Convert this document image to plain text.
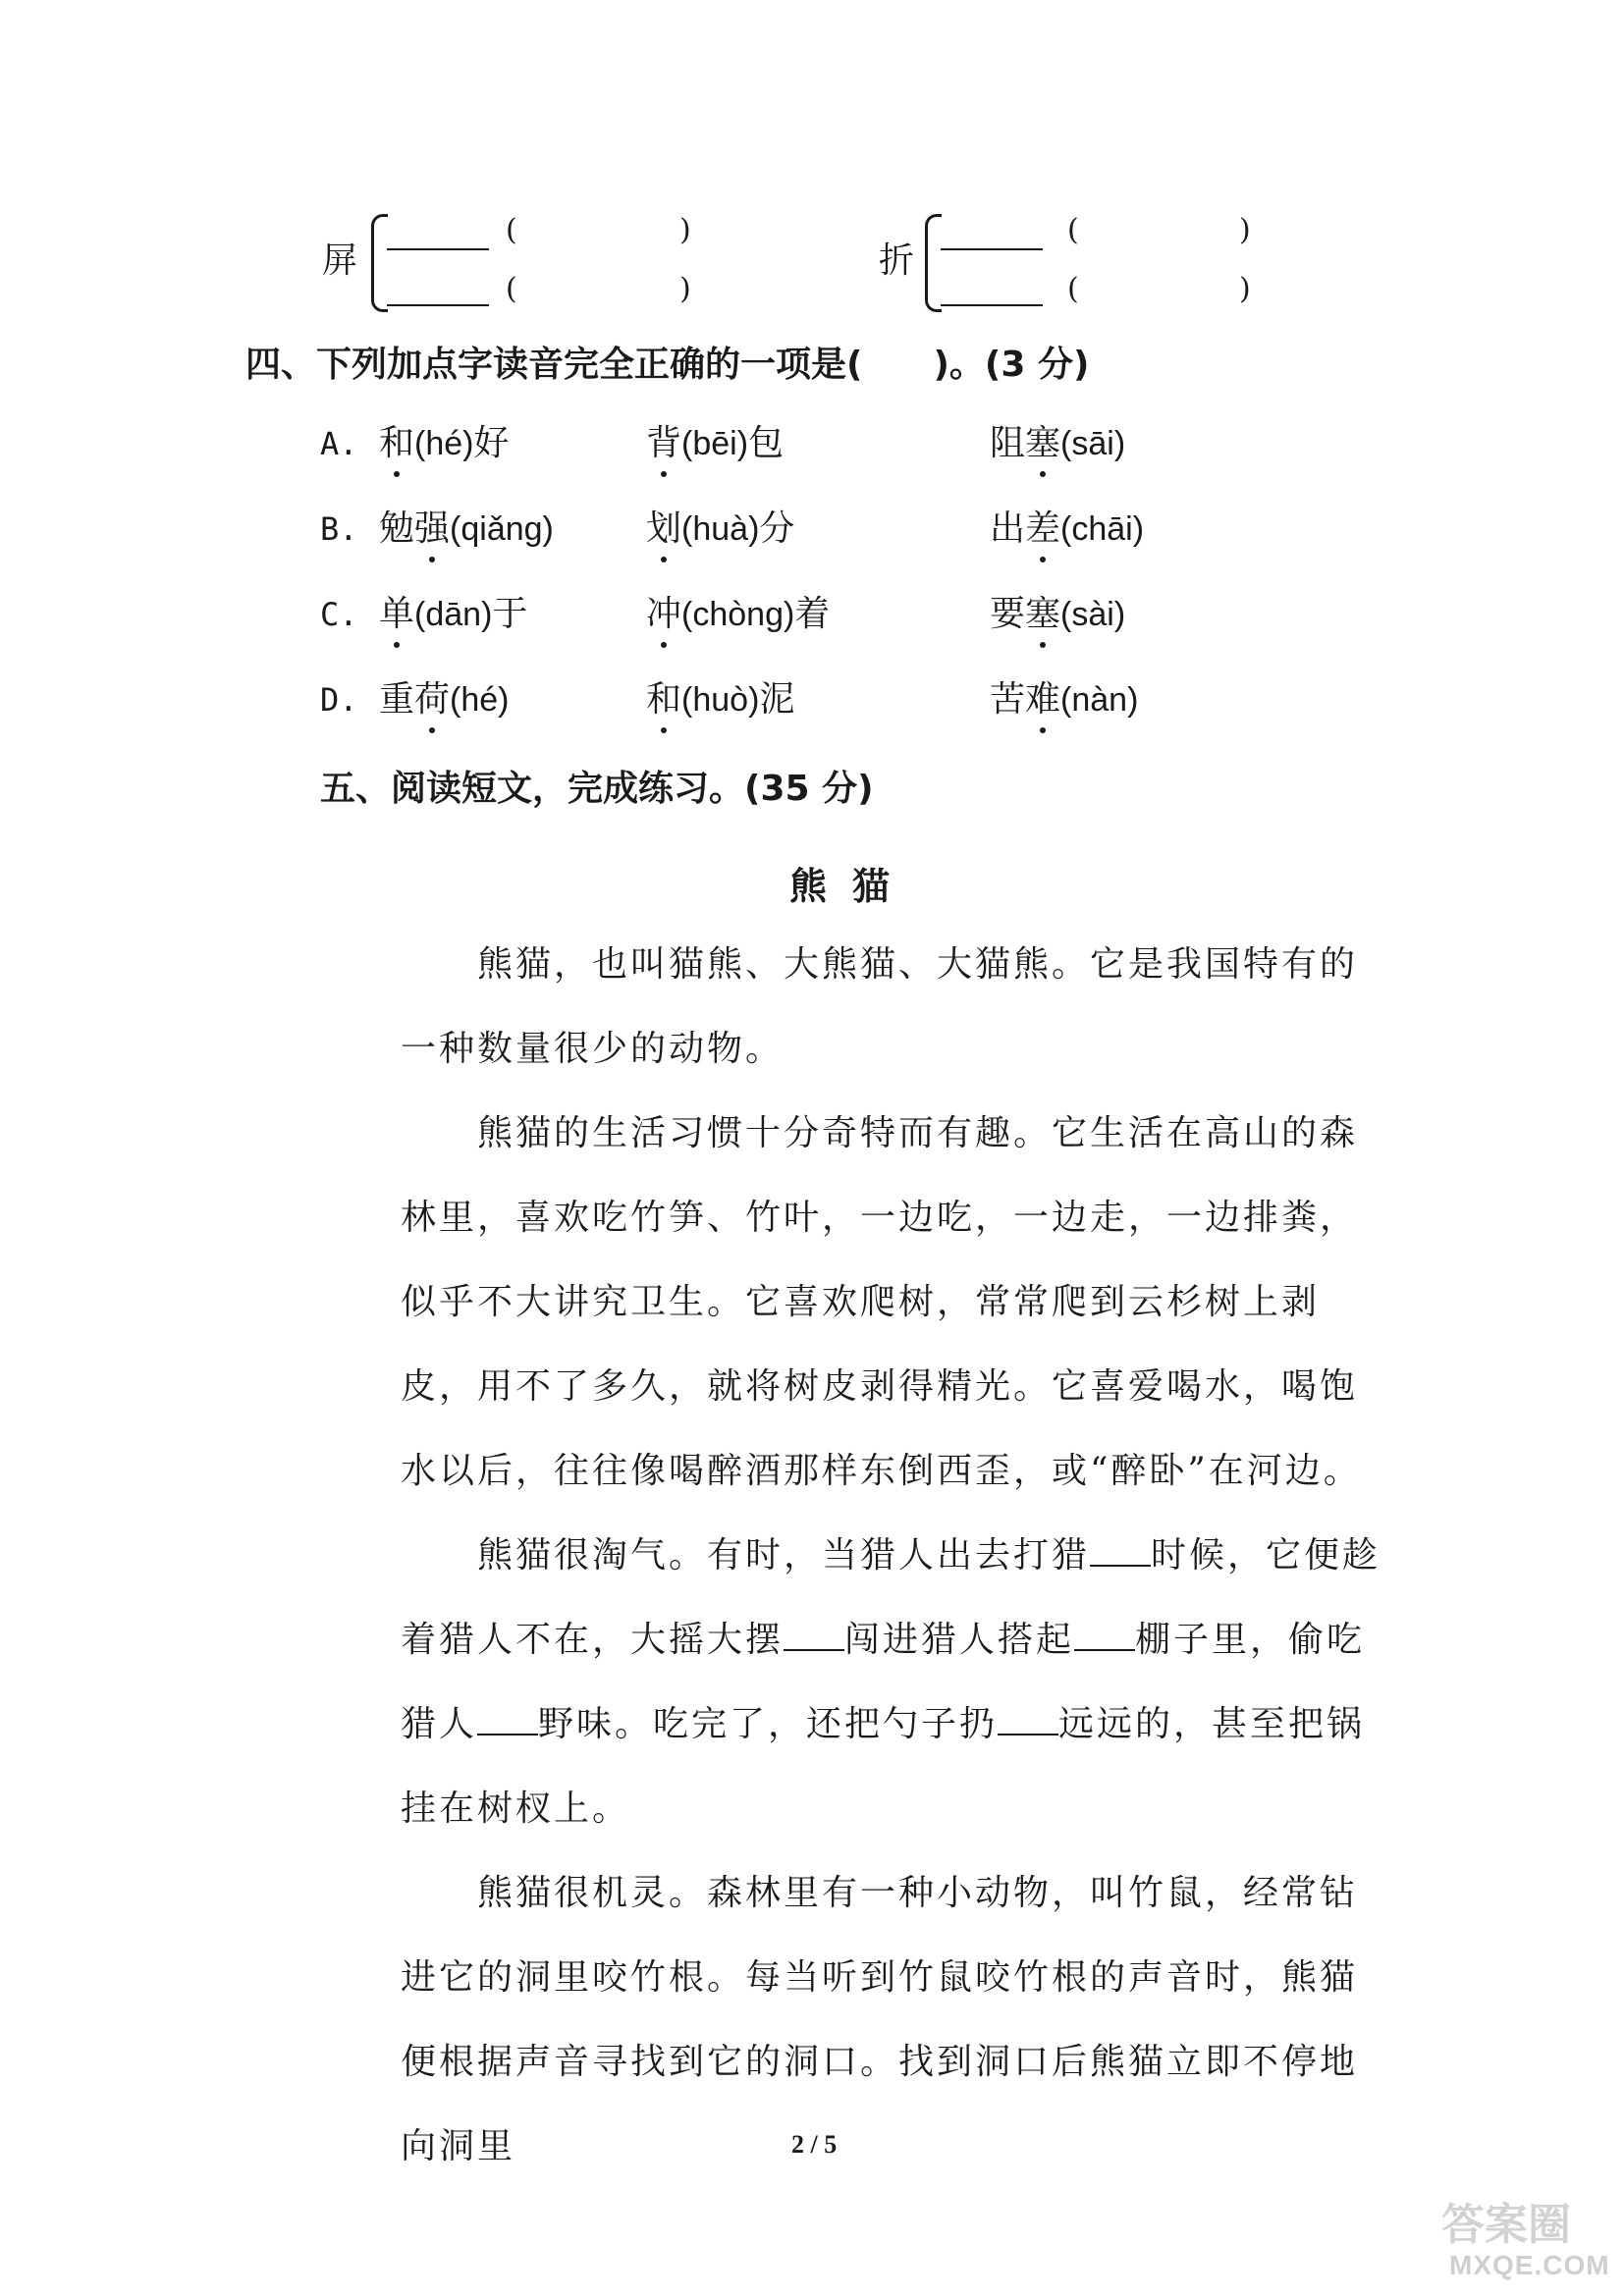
屏
(	)
(	)
折
(	)
(	)
四、下列加点字读音完全正确的一项是(　　)。(3 分)
A. 和(hé)好	背(bēi)包	阻塞(sāi)
B. 勉强(qiǎng)	划(huà)分	出差(chāi)
C. 单(dān)于	冲(chòng)着	要塞(sài)
D. 重荷(hé)	和(huò)泥	苦难(nàn)
五、阅读短文，完成练习。(35 分)
熊猫

熊猫，也叫猫熊、大熊猫、大猫熊。它是我国特有的一种数量很少的动物。

熊猫的生活习惯十分奇特而有趣。它生活在高山的森林里，喜欢吃竹笋、竹叶，一边吃，一边走，一边排粪，似乎不大讲究卫生。它喜欢爬树，常常爬到云杉树上剥皮，用不了多久，就将树皮剥得精光。它喜爱喝水，喝饱水以后，往往像喝醉酒那样东倒西歪，或“醉卧”在河边。

熊猫很淘气。有时，当猎人出去打猎 时候，它便趁着猎人不在，大摇大摆 闯进猎人搭起 棚子里，偷吃猎人 野味。吃完了，还把勺子扔 远远的，甚至把锅挂在树杈上。

熊猫很机灵。森林里有一种小动物，叫竹鼠，经常钻进它的洞里咬竹根。每当听到竹鼠咬竹根的声音时，熊猫便根据声音寻找到它的洞口。找到洞口后熊猫立即不停地向洞里	2 / 5
答案圈
MXQE.COM
